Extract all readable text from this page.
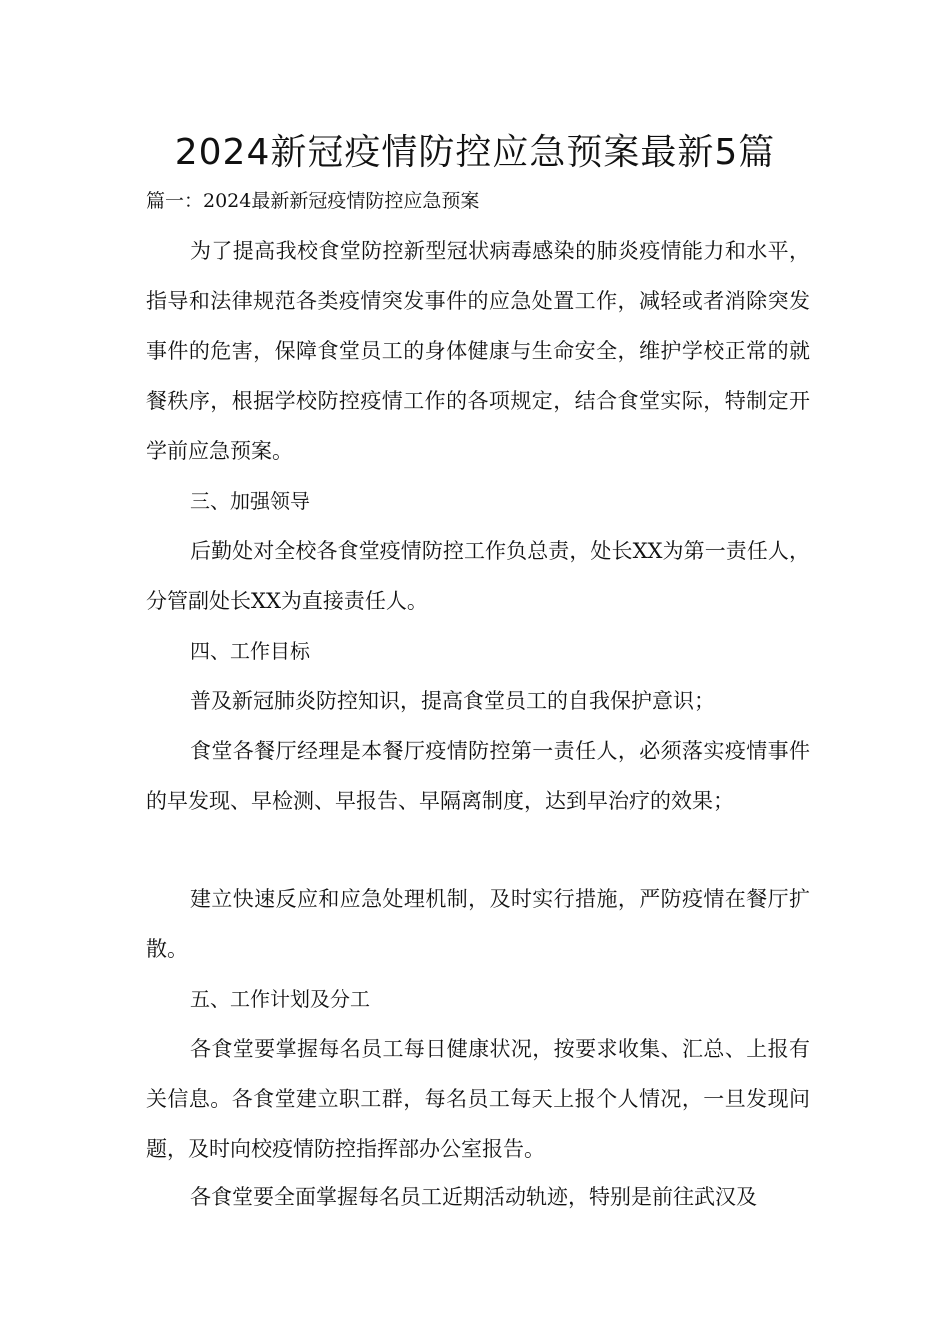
2024新冠疫情防控应急预案最新5篇

篇一：2024最新新冠疫情防控应急预案

为了提高我校食堂防控新型冠状病毒感染的肺炎疫情能力和水平，指导和法律规范各类疫情突发事件的应急处置工作，减轻或者消除突发事件的危害，保障食堂员工的身体健康与生命安全，维护学校正常的就餐秩序，根据学校防控疫情工作的各项规定，结合食堂实际，特制定开学前应急预案。

三、加强领导

后勤处对全校各食堂疫情防控工作负总责，处长XX为第一责任人，分管副处长XX为直接责任人。

四、工作目标

普及新冠肺炎防控知识，提高食堂员工的自我保护意识；

食堂各餐厅经理是本餐厅疫情防控第一责任人，必须落实疫情事件的早发现、早检测、早报告、早隔离制度，达到早治疗的效果；

建立快速反应和应急处理机制，及时实行措施，严防疫情在餐厅扩散。

五、工作计划及分工

各食堂要掌握每名员工每日健康状况，按要求收集、汇总、上报有关信息。各食堂建立职工群，每名员工每天上报个人情况，一旦发现问题，及时向校疫情防控指挥部办公室报告。

各食堂要全面掌握每名员工近期活动轨迹，特别是前往武汉及
